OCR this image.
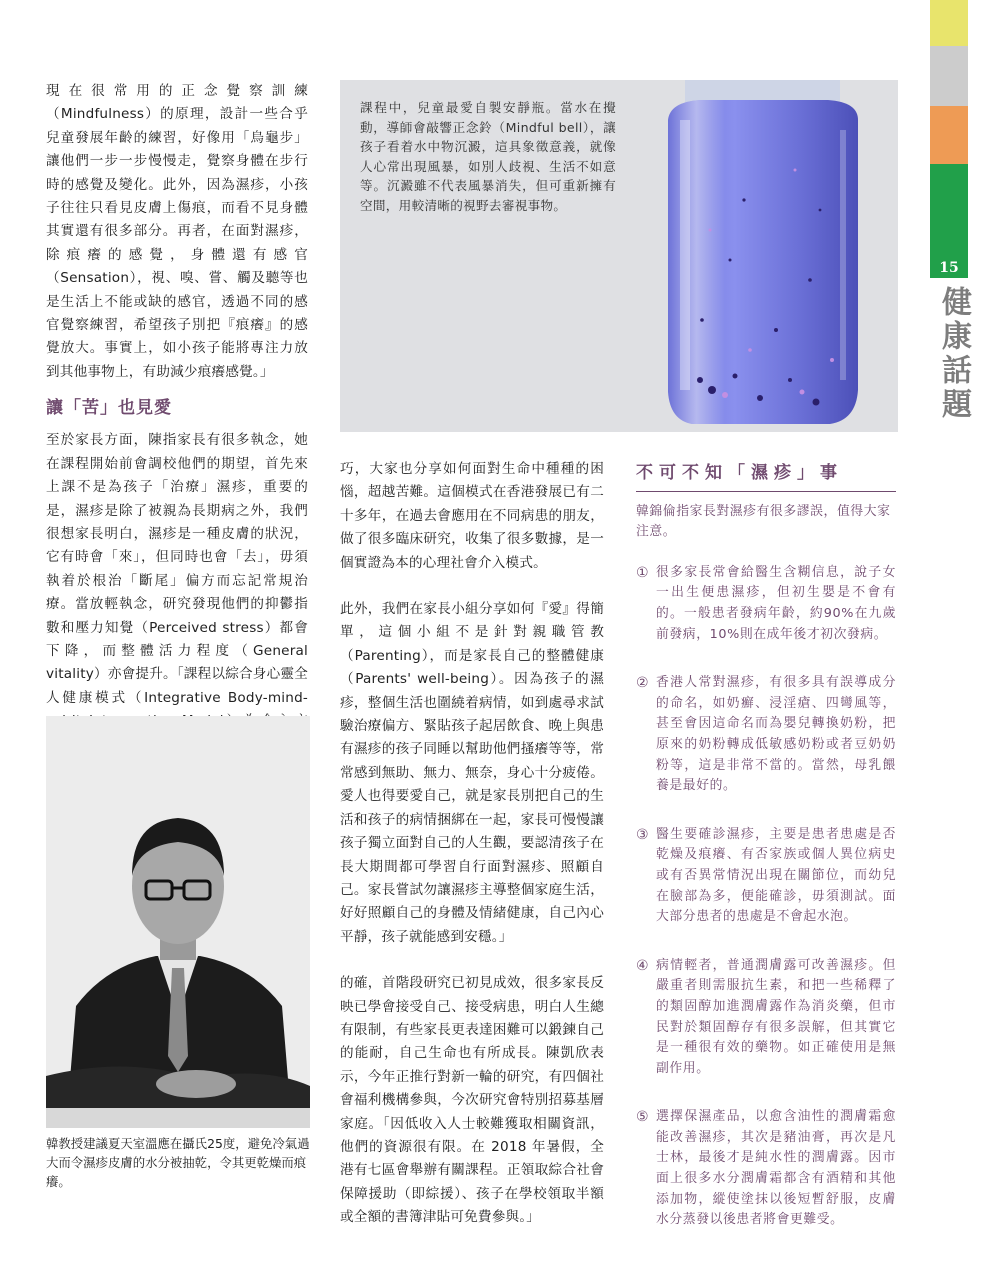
15
健康話題

現在很常用的正念覺察訓練（Mindfulness）的原理，設計一些合乎兒童發展年齡的練習，好像用「烏龜步」讓他們一步一步慢慢走，覺察身體在步行時的感覺及變化。此外，因為濕疹，小孩子往往只看見皮膚上傷痕，而看不見身體其實還有很多部分。再者，在面對濕疹，除痕癢的感覺，身體還有感官（Sensation），視、嗅、嘗、觸及聽等也是生活上不能或缺的感官，透過不同的感官覺察練習，希望孩子別把『痕癢』的感覺放大。事實上，如小孩子能將專注力放到其他事物上，有助減少痕癢感覺。」

讓「苦」也見愛

至於家長方面，陳指家長有很多執念，她在課程開始前會調校他們的期望，首先來上課不是為孩子「治療」濕疹，重要的是，濕疹是除了被親為長期病之外，我們很想家長明白，濕疹是一種皮膚的狀況，它有時會「來」，但同時也會「去」，毋須執着於根治「斷尾」偏方而忘記常規治療。當放輕執念，研究發現他們的抑鬱指數和壓力知覺（Perceived stress）都會下降，而整體活力程度（General vitality）亦會提升。「課程以綜合身心靈全人健康模式（Integrative Body-mind-

課程中，兒童最愛自製安靜瓶。當水在攪動，導師會敲響正念鈴（Mindful bell），讓孩子看着水中物沉澱，這具象徵意義，就像人心常出現風暴，如別人歧視、生活不如意等。沉澱雖不代表風暴消失，但可重新擁有空間，用較清晰的視野去審視事物。

巧，大家也分享如何面對生命中種種的困惱，超越苦難。這個模式在香港發展已有二十多年，在過去會應用在不同病患的朋友，做了很多臨床研究，收集了很多數據，是一個實證為本的心理社會介入模式。

此外，我們在家長小組分享如何『愛』得簡單，這個小組不是針對親職管教（Parenting），而是家長自己的整體健康（Parents' well-being）。因為孩子的濕疹，整個生活也圍繞着病情，如到處尋求試驗治療偏方、緊貼孩子起居飲食、晚上與患有濕疹的孩子同睡以幫助他們搔癢等等，常常感到無助、無力、無奈，身心十分疲倦。愛人也得要愛自己，就是家長別把自己的生活和孩子的病情捆綁在一起，家長可慢慢讓孩子獨立面對自己的人生觀，要認清孩子在長大期間都可學習自行面對濕疹、照顧自己。家長嘗試勿讓濕疹主導整個家庭生活，好好照顧自己的身體及情緒健康，自己內心平靜，孩子就能感到安穩。」

的確，首階段研究已初見成效，很多家長反映已學會接受自己、接受病患，明白人生總有限制，有些家長更表達困難可以鍛鍊自己的能耐，自己生命也有所成長。陳凱欣表示，今年正推行對新一輪的研究，有四個社會福利機構參與，今次研究會特別招募基層家庭。「因低收入人士較難獲取相關資訊，他們的資源很有限。在 2018 年暑假，全港有七區會舉辦有關課程。正領取綜合社會保障援助（即綜援）、孩子在學校領取半額或全額的書簿津貼可免費參與。」

韓教授建議夏天室溫應在攝氏25度，避免冷氣過大而令濕疹皮膚的水分被抽乾，令其更乾燥而痕癢。
不可不知「濕疹」事
韓錦倫指家長對濕疹有很多謬誤，值得大家注意。
① 很多家長常會給醫生含糊信息，說子女一出生便患濕疹，但初生嬰是不會有的。一般患者發病年齡，約90%在九歲前發病，10%則在成年後才初次發病。
② 香港人常對濕疹，有很多具有誤導成分的命名，如奶癬、浸淫瘡、四彎風等，甚至會因這命名而為嬰兒轉換奶粉，把原來的奶粉轉成低敏感奶粉或者豆奶奶粉等，這是非常不當的。當然，母乳餵養是最好的。
③ 醫生要確診濕疹，主要是患者患處是否乾燥及痕癢、有否家族或個人異位病史或有否異常情況出現在關節位，而幼兒在臉部為多，便能確診，毋須測試。面大部分患者的患處是不會起水泡。
④ 病情輕者，普通潤膚露可改善濕疹。但嚴重者則需服抗生素，和把一些稀釋了的類固醇加進潤膚露作為消炎藥，但市民對於類固醇存有很多誤解，但其實它是一種很有效的藥物。如正確使用是無副作用。
⑤ 選擇保濕產品，以愈含油性的潤膚霜愈能改善濕疹，其次是豬油膏，再次是凡士林，最後才是純水性的潤膚露。因市面上很多水分潤膚霜都含有酒精和其他添加物，縱使塗抹以後短暫舒服，皮膚水分蒸發以後患者將會更難受。
